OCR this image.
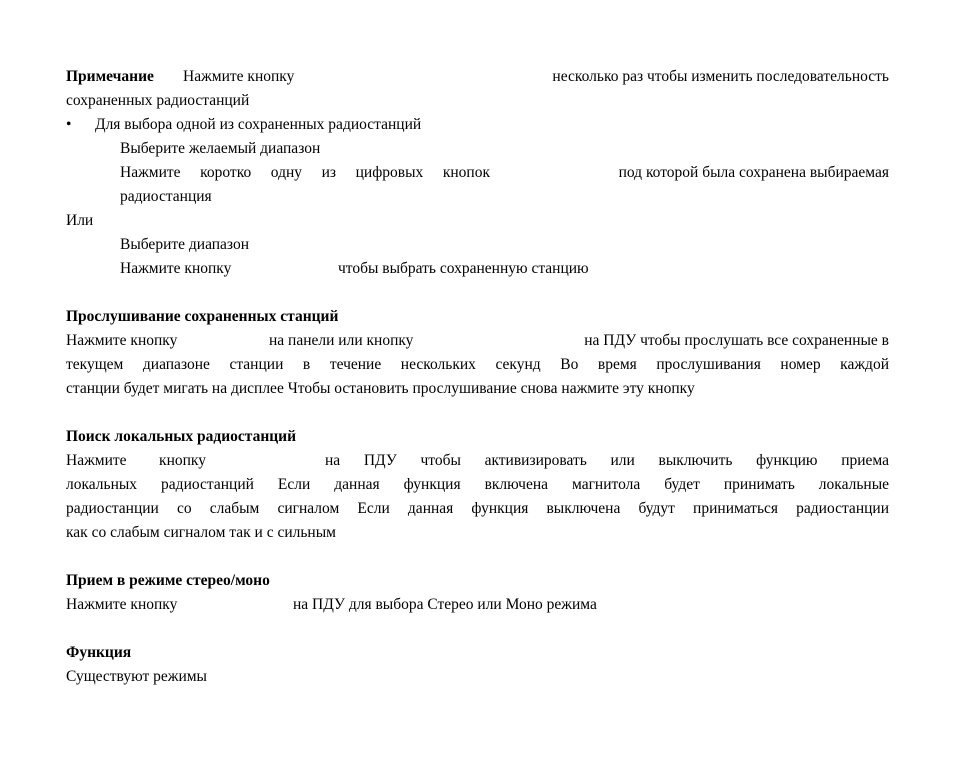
Примечание Нажмите кнопку	несколько раз чтобы изменить последовательность
сохраненных радиостанций
• Для выбора одной из сохраненных радиостанций
Выберите желаемый диапазон
Нажмите коротко одну из цифровых кнопок	под которой была сохранена выбираемая
радиостанция
Или
Выберите диапазон
Нажмите кнопку	чтобы выбрать сохраненную станцию
Прослушивание сохраненных станций
Нажмите кнопку	на панели или кнопку	на ПДУ чтобы прослушать все сохраненные в
текущем диапазоне станции в течение нескольких секунд Во время прослушивания номер каждой
станции будет мигать на дисплее Чтобы остановить прослушивание снова нажмите эту кнопку
Поиск локальных радиостанций
Нажмите кнопку	на ПДУ чтобы активизировать или выключить функцию приема
локальных радиостанций Если данная функция включена магнитола будет принимать локальные
радиостанции со слабым сигналом Если данная функция выключена будут приниматься радиостанции
как со слабым сигналом так и с сильным
Прием в режиме стерео/моно
Нажмите кнопку	на ПДУ для выбора Стерео или Моно режима
Функция
Существуют режимы
